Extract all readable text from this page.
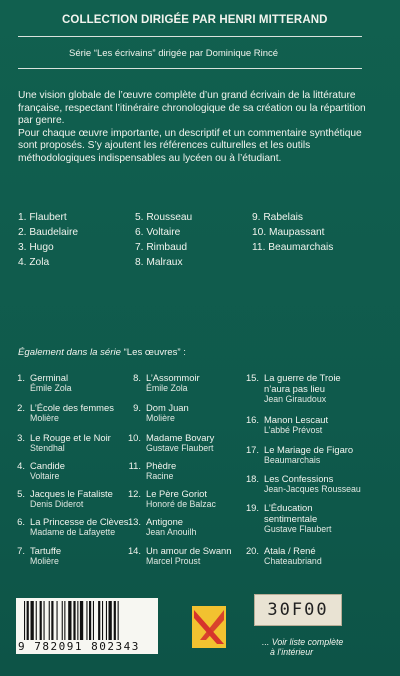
COLLECTION DIRIGÉE PAR HENRI MITTERAND
Série “Les écrivains” dirigée par Dominique Rincé

Une vision globale de l’œuvre complète d’un grand écrivain de la littérature française, respectant l’itinéraire chronologique de sa création ou la répartition par genre.

Pour chaque œuvre importante, un descriptif et un commentaire synthétique sont proposés. S’y ajoutent les références culturelles et les outils méthodologiques indispensables au lycéen ou à l’étudiant.

1. Flaubert
2. Baudelaire
3. Hugo
4. Zola
5. Rousseau
6. Voltaire
7. Rimbaud
8. Malraux
9. Rabelais
10. Maupassant
11. Beaumarchais
Également dans la série “Les œuvres” :
1. Germinal
Émile Zola
2. L’École des femmes
Molière
3. Le Rouge et le Noir
Stendhal
4. Candide
Voltaire
5. Jacques le Fataliste
Denis Diderot
6. La Princesse de Clèves
Madame de Lafayette
7. Tartuffe
Molière
8. L’Assommoir
Émile Zola
9. Dom Juan
Molière
10. Madame Bovary
Gustave Flaubert
11. Phèdre
Racine
12. Le Père Goriot
Honoré de Balzac
13. Antigone
Jean Anouilh
14. Un amour de Swann
Marcel Proust
15. La guerre de Troie
n’aura pas lieu
Jean Giraudoux
16. Manon Lescaut
L’abbé Prévost
17. Le Mariage de Figaro
Beaumarchais
18. Les Confessions
Jean-Jacques Rousseau
19. L’Éducation
sentimentale
Gustave Flaubert
20. Atala / René
Chateaubriand
9 782091 802343
30F00
... Voir liste complète
à l’intérieur
